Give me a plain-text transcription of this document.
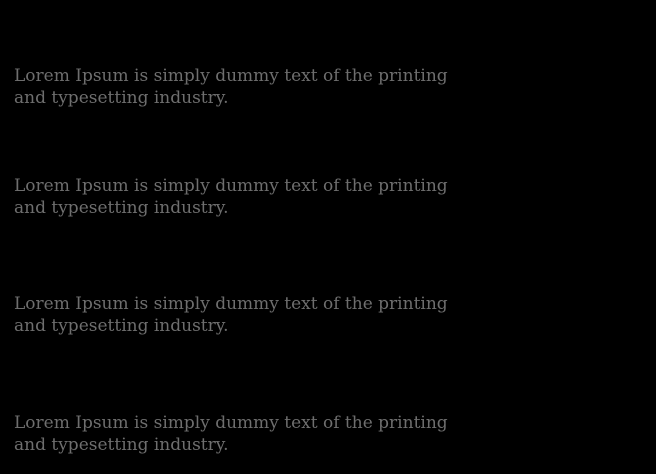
Lorem Ipsum is simply dummy text of the printing
and typesetting industry.

Lorem Ipsum is simply dummy text of the printing
and typesetting industry.

Lorem Ipsum is simply dummy text of the printing
and typesetting industry.

Lorem Ipsum is simply dummy text of the printing
and typesetting industry.
